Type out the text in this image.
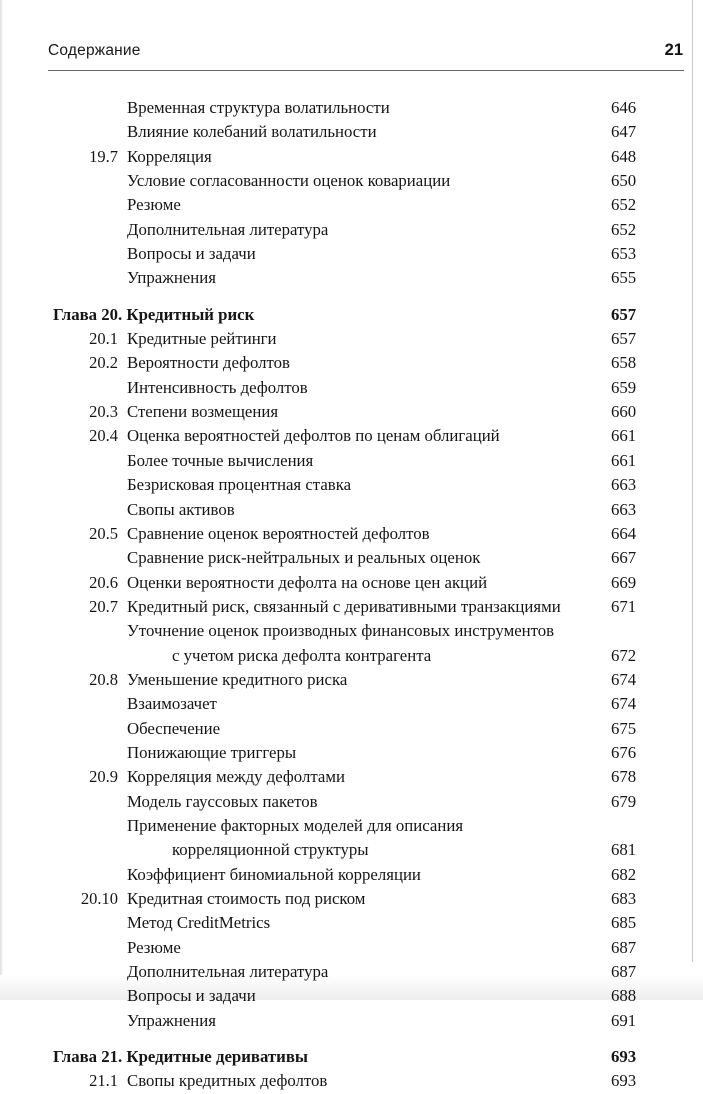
Содержание	21
Временная структура волатильности	646
Влияние колебаний волатильности	647
19.7 Корреляция	648
Условие согласованности оценок ковариации	650
Резюме	652
Дополнительная литература	652
Вопросы и задачи	653
Упражнения	655
Глава 20. Кредитный риск	657
20.1 Кредитные рейтинги	657
20.2 Вероятности дефолтов	658
Интенсивность дефолтов	659
20.3 Степени возмещения	660
20.4 Оценка вероятностей дефолтов по ценам облигаций	661
Более точные вычисления	661
Безрисковая процентная ставка	663
Свопы активов	663
20.5 Сравнение оценок вероятностей дефолтов	664
Сравнение риск-нейтральных и реальных оценок	667
20.6 Оценки вероятности дефолта на основе цен акций	669
20.7 Кредитный риск, связанный с деривативными транзакциями	671
Уточнение оценок производных финансовых инструментов
с учетом риска дефолта контрагента	672
20.8 Уменьшение кредитного риска	674
Взаимозачет	674
Обеспечение	675
Понижающие триггеры	676
20.9 Корреляция между дефолтами	678
Модель гауссовых пакетов	679
Применение факторных моделей для описания
корреляционной структуры	681
Коэффициент биномиальной корреляции	682
20.10 Кредитная стоимость под риском	683
Метод CreditMetrics	685
Резюме	687
Дополнительная литература	687
Вопросы и задачи	688
Упражнения	691
Глава 21. Кредитные деривативы	693
21.1 Свопы кредитных дефолтов	693
